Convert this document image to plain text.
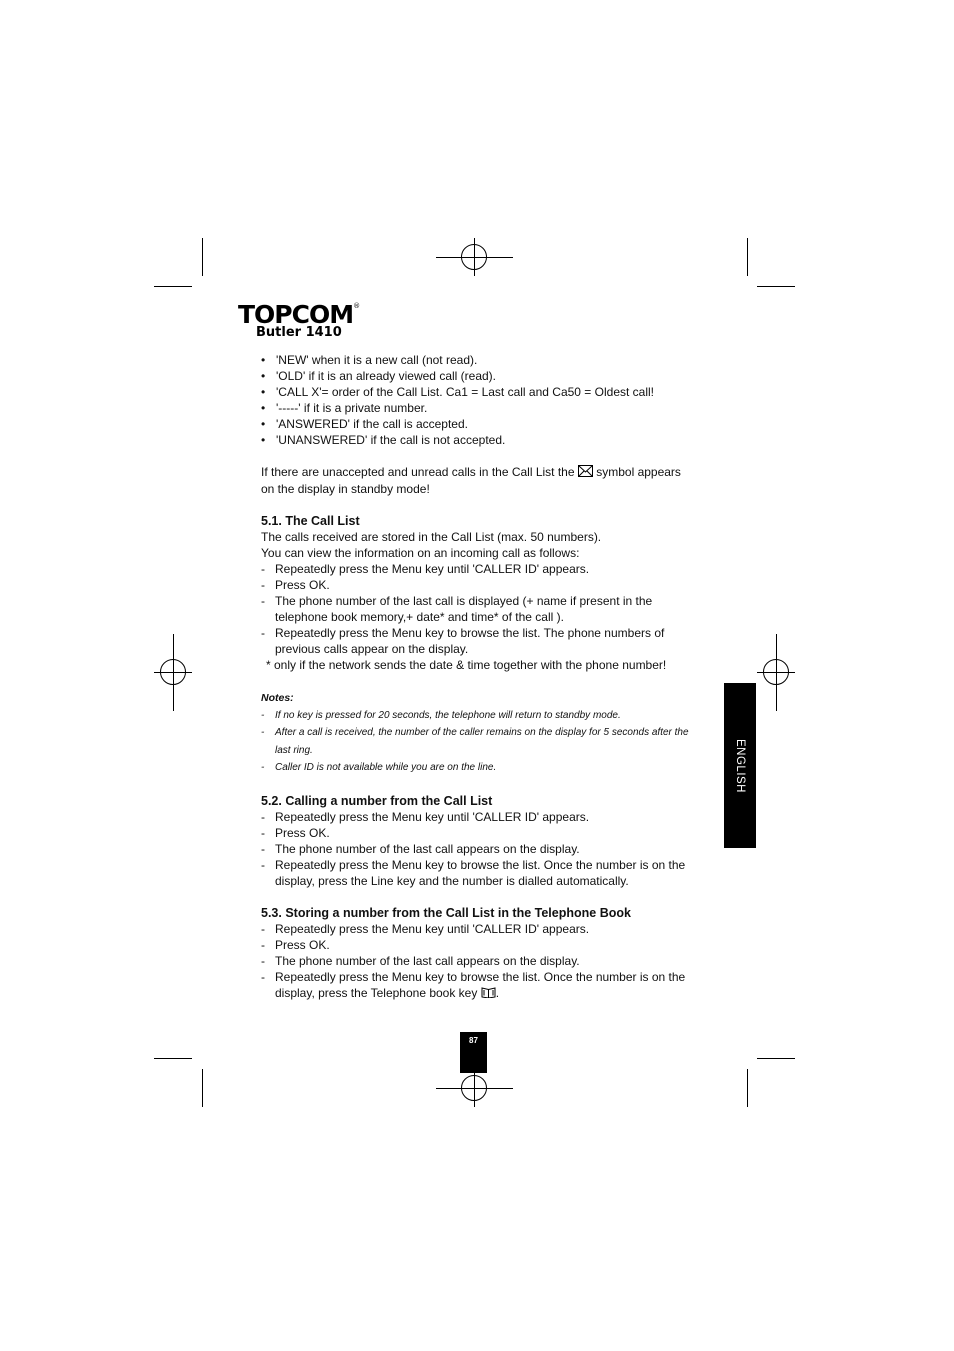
TOPCOM®
Butler 1410
• 'NEW' when it is a new call (not read).
• 'OLD' if it is an already viewed call (read).
• 'CALL X'= order of the Call List. Ca1 = Last call and Ca50 = Oldest call!
• '-----' if it is a private number.
• 'ANSWERED' if the call is accepted.
• 'UNANSWERED' if the call is not accepted.

If there are unaccepted and unread calls in the Call List the symbol appears
on the display in standby mode!

5.1. The Call List

The calls received are stored in the Call List (max. 50 numbers).

You can view the information on an incoming call as follows:

- Repeatedly press the Menu key until 'CALLER ID' appears.
- Press OK.
- The phone number of the last call is displayed (+ name if present in the telephone book memory,+ date* and time* of the call ).
- Repeatedly press the Menu key to browse the list. The phone numbers of previous calls appear on the display.

* only if the network sends the date & time together with the phone number!

Notes:
- If no key is pressed for 20 seconds, the telephone will return to standby mode.
- After a call is received, the number of the caller remains on the display for 5 seconds after the last ring.
- Caller ID is not available while you are on the line.

5.2. Calling a number from the Call List

- Repeatedly press the Menu key until 'CALLER ID' appears.
- Press OK.
- The phone number of the last call appears on the display.
- Repeatedly press the Menu key to browse the list. Once the number is on the display, press the Line key and the number is dialled automatically.

5.3. Storing a number from the Call List in the Telephone Book

- Repeatedly press the Menu key until 'CALLER ID' appears.
- Press OK.
- The phone number of the last call appears on the display.
- Repeatedly press the Menu key to browse the list. Once the number is on the display, press the Telephone book key .
ENGLISH
87
